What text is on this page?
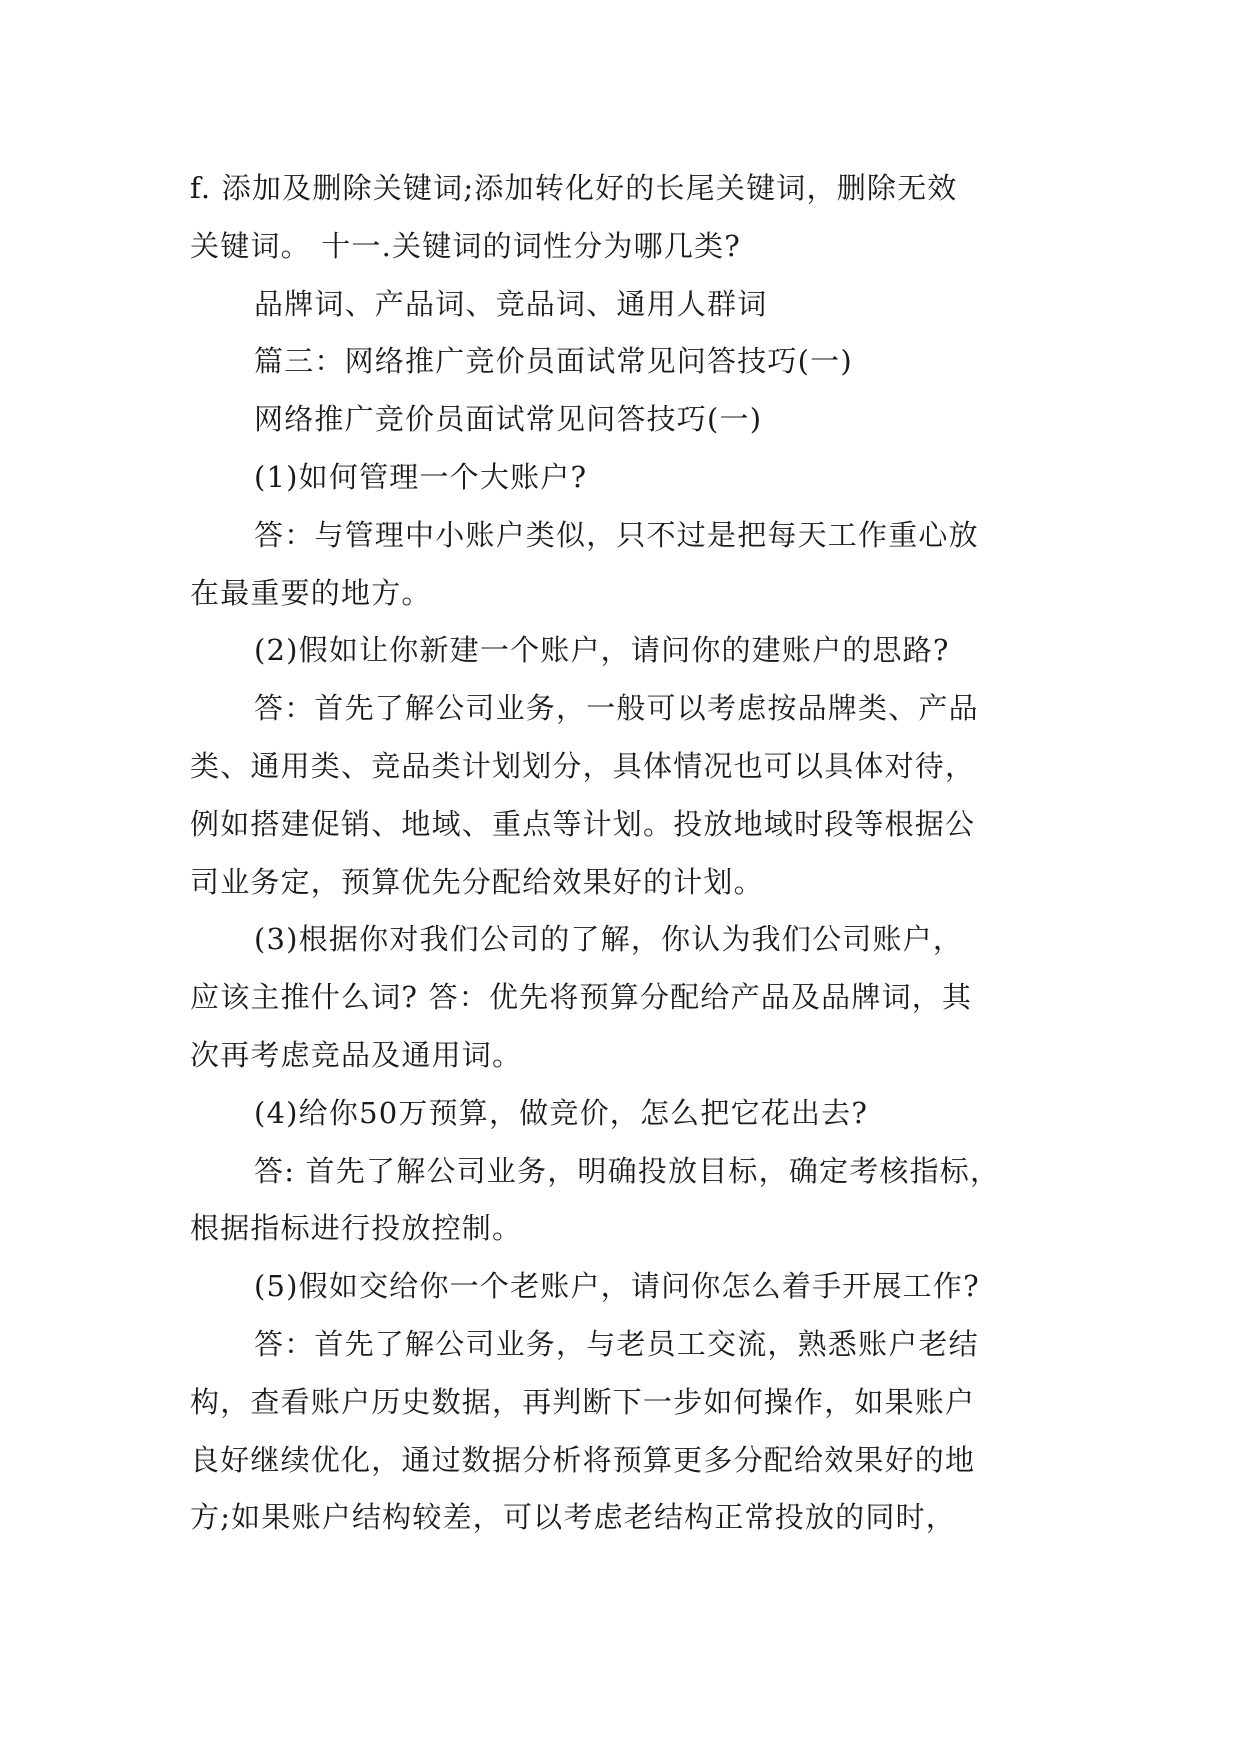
f. 添加及删除关键词;添加转化好的长尾关键词，删除无效
关键词。 十一.关键词的词性分为哪几类?
品牌词、产品词、竞品词、通用人群词
篇三：网络推广竞价员面试常见问答技巧(一)
网络推广竞价员面试常见问答技巧(一)
(1)如何管理一个大账户?
答：与管理中小账户类似，只不过是把每天工作重心放
在最重要的地方。
(2)假如让你新建一个账户，请问你的建账户的思路?
答：首先了解公司业务，一般可以考虑按品牌类、产品
类、通用类、竞品类计划划分，具体情况也可以具体对待，
例如搭建促销、地域、重点等计划。投放地域时段等根据公
司业务定，预算优先分配给效果好的计划。
(3)根据你对我们公司的了解，你认为我们公司账户，
应该主推什么词? 答：优先将预算分配给产品及品牌词，其
次再考虑竞品及通用词。
(4)给你50万预算，做竞价，怎么把它花出去?
答: 首先了解公司业务，明确投放目标，确定考核指标，
根据指标进行投放控制。
(5)假如交给你一个老账户，请问你怎么着手开展工作?
答：首先了解公司业务，与老员工交流，熟悉账户老结
构，查看账户历史数据，再判断下一步如何操作，如果账户
良好继续优化，通过数据分析将预算更多分配给效果好的地
方;如果账户结构较差，可以考虑老结构正常投放的同时，
